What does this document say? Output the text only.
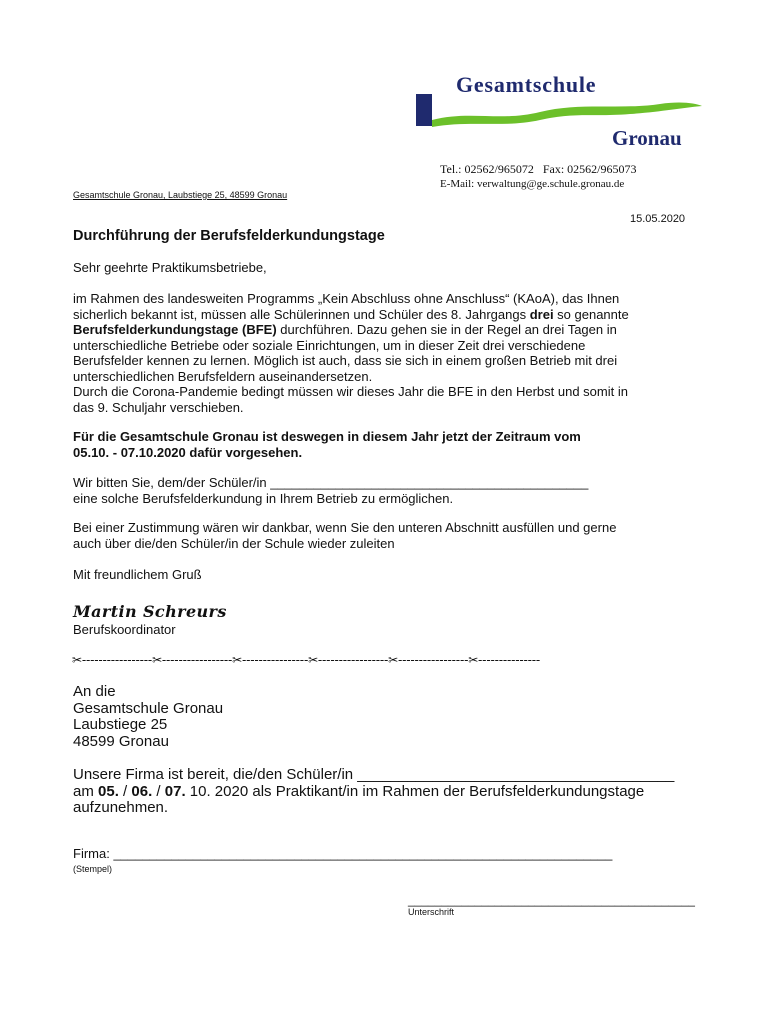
Gesamtschule
Gronau
Tel.: 02562/965072 Fax: 02562/965073
E-Mail: verwaltung@ge.schule.gronau.de
Gesamtschule Gronau, Laubstiege 25, 48599 Gronau
15.05.2020
Durchführung der Berufsfelderkundungstage
Sehr geehrte Praktikumsbetriebe,

im Rahmen des landesweiten Programms „Kein Abschluss ohne Anschluss“ (KAoA), das Ihnen

sicherlich bekannt ist, müssen alle Schülerinnen und Schüler des 8. Jahrgangs drei so genannte

Berufsfelderkundungstage (BFE) durchführen. Dazu gehen sie in der Regel an drei Tagen in

unterschiedliche Betriebe oder soziale Einrichtungen, um in dieser Zeit drei verschiedene

Berufsfelder kennen zu lernen. Möglich ist auch, dass sie sich in einem großen Betrieb mit drei

unterschiedlichen Berufsfeldern auseinandersetzen.

Durch die Corona-Pandemie bedingt müssen wir dieses Jahr die BFE in den Herbst und somit in

das 9. Schuljahr verschieben.

Für die Gesamtschule Gronau ist deswegen in diesem Jahr jetzt der Zeitraum vom

05.10. - 07.10.2020 dafür vorgesehen.

Wir bitten Sie, dem/der Schüler/in ____________________________________________

eine solche Berufsfelderkundung in Ihrem Betrieb zu ermöglichen.

Bei einer Zustimmung wären wir dankbar, wenn Sie den unteren Abschnitt ausfüllen und gerne

auch über die/den Schüler/in der Schule wieder zuleiten

Mit freundlichem Gruß
Martin Schreurs
Berufskoordinator
✂-----------------✂-----------------✂----------------✂-----------------✂-----------------✂---------------

An die

Gesamtschule Gronau

Laubstiege 25

48599 Gronau

Unsere Firma ist bereit, die/den Schüler/in ______________________________________

am 05. / 06. / 07. 10. 2020 als Praktikant/in im Rahmen der Berufsfelderkundungstage

aufzunehmen.

Firma: _____________________________________________________________________
(Stempel)
___________________________________________
Unterschrift
